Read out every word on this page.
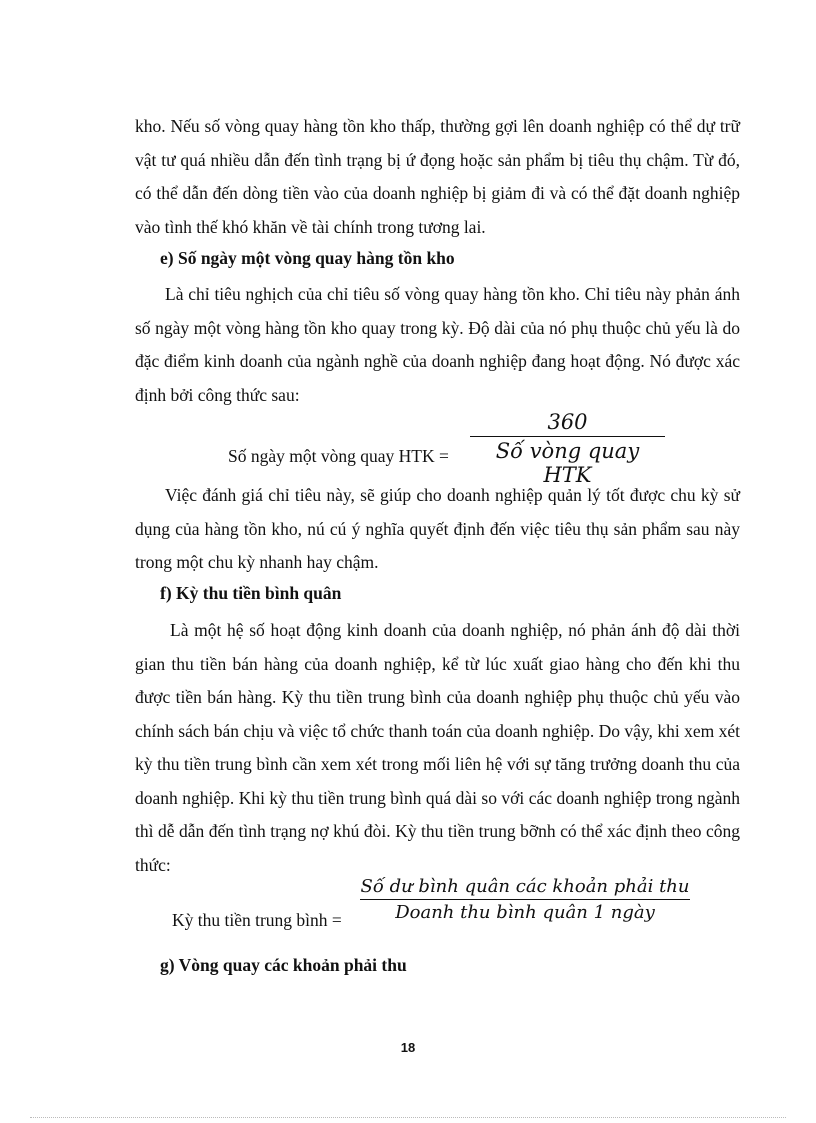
kho. Nếu số vòng quay hàng tồn kho thấp, thường gợi lên doanh nghiệp có thể dự trữ vật tư quá nhiều dẫn đến tình trạng bị ứ đọng hoặc sản phẩm bị tiêu thụ chậm. Từ đó, có thể dẫn đến dòng tiền vào của doanh nghiệp bị giảm đi và có thể đặt doanh nghiệp vào tình thế khó khăn về tài chính trong tương lai.

e) Số ngày một vòng quay hàng tồn kho

Là chỉ tiêu nghịch của chỉ tiêu số vòng quay hàng tồn kho. Chỉ tiêu này phản ánh số ngày một vòng hàng tồn kho quay trong kỳ. Độ dài của nó phụ thuộc chủ yếu là do đặc điểm kinh doanh của ngành nghề của doanh nghiệp đang hoạt động. Nó được xác định bởi công thức sau:

Số ngày một vòng quay HTK =
360
Số vòng quay HTK

Việc đánh giá chỉ tiêu này, sẽ giúp cho doanh nghiệp quản lý tốt được chu kỳ sử dụng của hàng tồn kho, nú cú ý nghĩa quyết định đến việc tiêu thụ sản phẩm sau này trong một chu kỳ nhanh hay chậm.

f) Kỳ thu tiền bình quân

Là một hệ số hoạt động kinh doanh của doanh nghiệp, nó phản ánh độ dài thời gian thu tiền bán hàng của doanh nghiệp, kể từ lúc xuất giao hàng cho đến khi thu được tiền bán hàng. Kỳ thu tiền trung bình của doanh nghiệp phụ thuộc chủ yếu vào chính sách bán chịu và việc tổ chức thanh toán của doanh nghiệp. Do vậy, khi xem xét kỳ thu tiền trung bình cần xem xét trong mối liên hệ với sự tăng trưởng doanh thu của doanh nghiệp. Khi kỳ thu tiền trung bình quá dài so với các doanh nghiệp trong ngành thì dễ dẫn đến tình trạng nợ khú đòi. Kỳ thu tiền trung bỡnh có thể xác định theo công thức:

Kỳ thu tiền trung bình =
Số dư bình quân các khoản phải thu
Doanh thu bình quân 1 ngày

g) Vòng quay các khoản phải thu

18
